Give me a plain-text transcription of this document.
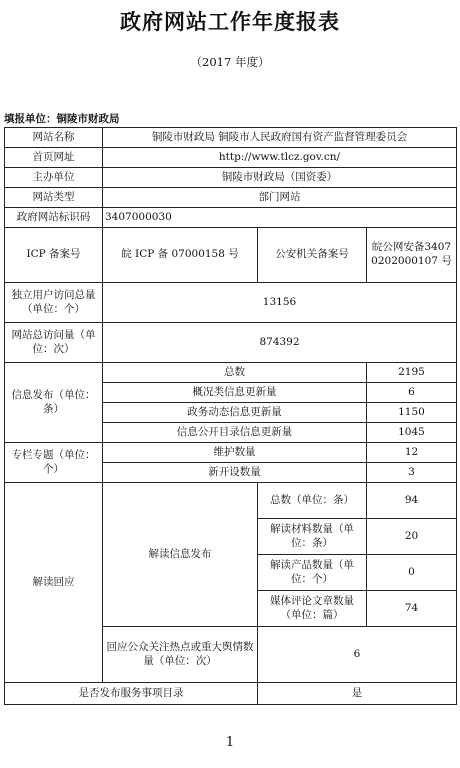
政府网站工作年度报表
（2017 年度）
填报单位：铜陵市财政局
网站名称	铜陵市财政局 铜陵市人民政府国有资产监督管理委员会		
首页网址	http://www.tlcz.gov.cn/		
主办单位	铜陵市财政局（国资委）		
网站类型	部门网站		
政府网站标识码	3407000030		
ICP 备案号	皖 ICP 备 07000158 号	公安机关备案号	皖公网安备34070202000107 号
独立用户访问总量（单位：个）	13156		
网站总访问量（单位：次）	874392		
信息发布（单位：条）	总数		2195
	概况类信息更新量		6
	政务动态信息更新量		1150
	信息公开目录信息更新量		1045
专栏专题（单位：个）	维护数量		12
	新开设数量		3
解读回应	解读信息发布	总数（单位：条）	94
		解读材料数量（单位：条）	20
		解读产品数量（单位：个）	0
		媒体评论文章数量（单位：篇）	74
	回应公众关注热点或重大舆情数量（单位：次）	6	
是否发布服务事项目录		是	
1
